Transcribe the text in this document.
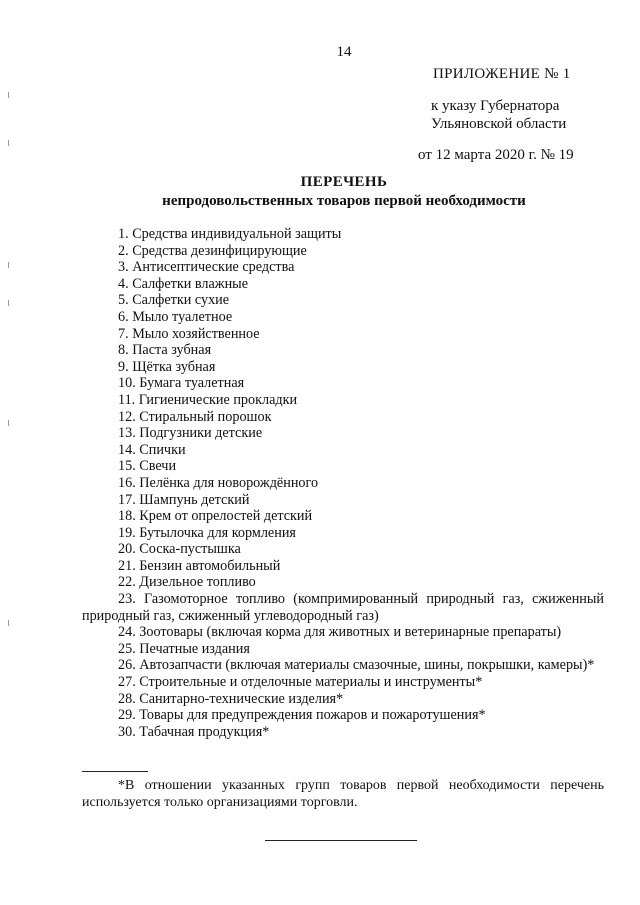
14
ПРИЛОЖЕНИЕ № 1
к указу Губернатора
Ульяновской области
от 12 марта 2020 г. № 19
ПЕРЕЧЕНЬ
непродовольственных товаров первой необходимости
1. Средства индивидуальной защиты
2. Средства дезинфицирующие
3. Антисептические средства
4. Салфетки влажные
5. Салфетки сухие
6. Мыло туалетное
7. Мыло хозяйственное
8. Паста зубная
9. Щётка зубная
10. Бумага туалетная
11. Гигиенические прокладки
12. Стиральный порошок
13. Подгузники детские
14. Спички
15. Свечи
16. Пелёнка для новорождённого
17. Шампунь детский
18. Крем от опрелостей детский
19. Бутылочка для кормления
20. Соска-пустышка
21. Бензин автомобильный
22. Дизельное топливо
23. Газомоторное топливо (компримированный природный газ, сжиженный природный газ, сжиженный углеводородный газ)
24. Зоотовары (включая корма для животных и ветеринарные препараты)
25. Печатные издания
26. Автозапчасти (включая материалы смазочные, шины, покрышки, камеры)*
27. Строительные и отделочные материалы и инструменты*
28. Санитарно-технические изделия*
29. Товары для предупреждения пожаров и пожаротушения*
30. Табачная продукция*
*В отношении указанных групп товаров первой необходимости перечень используется только организациями торговли.
